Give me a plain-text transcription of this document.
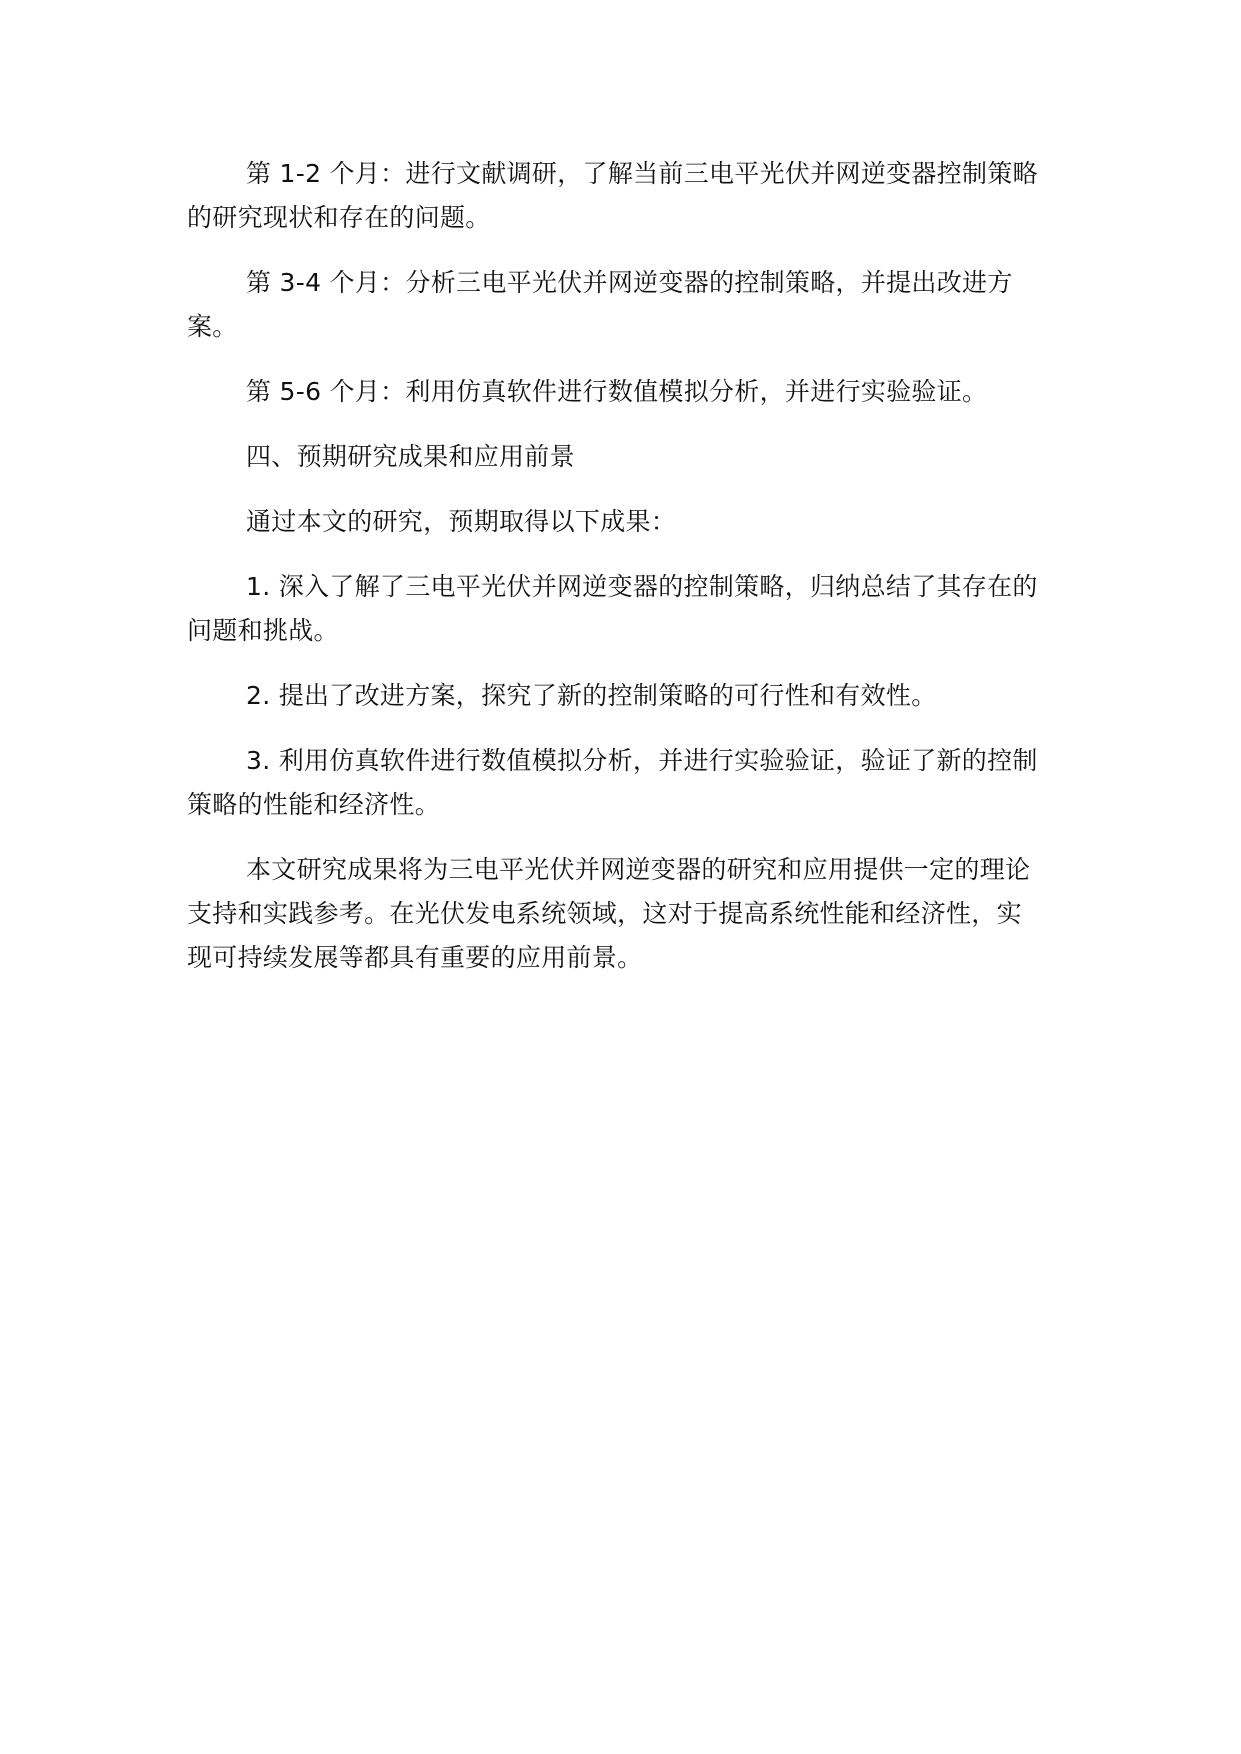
第 1-2 个月：进行文献调研，了解当前三电平光伏并网逆变器控制策略的研究现状和存在的问题。

第 3-4 个月：分析三电平光伏并网逆变器的控制策略，并提出改进方案。

第 5-6 个月：利用仿真软件进行数值模拟分析，并进行实验验证。

四、预期研究成果和应用前景

通过本文的研究，预期取得以下成果：

1. 深入了解了三电平光伏并网逆变器的控制策略，归纳总结了其存在的问题和挑战。

2. 提出了改进方案，探究了新的控制策略的可行性和有效性。

3. 利用仿真软件进行数值模拟分析，并进行实验验证，验证了新的控制策略的性能和经济性。

本文研究成果将为三电平光伏并网逆变器的研究和应用提供一定的理论支持和实践参考。在光伏发电系统领域，这对于提高系统性能和经济性，实现可持续发展等都具有重要的应用前景。
